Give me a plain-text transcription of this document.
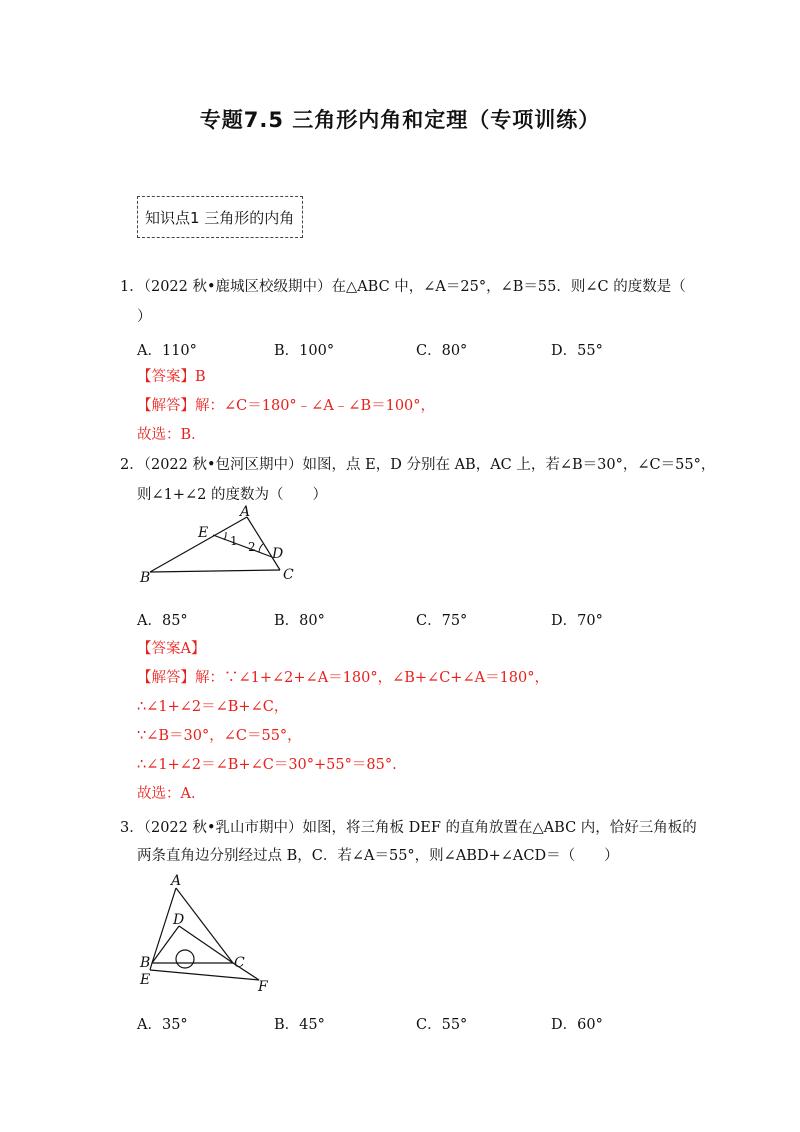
专题7.5 三角形内角和定理（专项训练）
知识点1 三角形的内角
1．（2022 秋•鹿城区校级期中）在△ABC 中，∠A＝25°，∠B＝55．则∠C 的度数是（
）
A．110°	B．100°	C．80°	D．55°
【答案】B
【解答】解：∠C＝180°﹣∠A﹣∠B＝100°，
故选：B．
2．（2022 秋•包河区期中）如图，点 E，D 分别在 AB，AC 上，若∠B＝30°，∠C＝55°，
则∠1+∠2 的度数为（　　）
A
B	C
D
E 1 2
A．85°	B．80°	C．75°	D．70°
【答案A】
【解答】解：∵∠1+∠2+∠A＝180°，∠B+∠C+∠A＝180°，
∴∠1+∠2＝∠B+∠C，
∵∠B＝30°，∠C＝55°，
∴∠1+∠2＝∠B+∠C＝30°+55°＝85°.
故选：A．
3．（2022 秋•乳山市期中）如图，将三角板 DEF 的直角放置在△ABC 内，恰好三角板的
两条直角边分别经过点 B，C．若∠A＝55°，则∠ABD+∠ACD＝（　　）
A
B	C
D
E	F
A．35°	B．45°	C．55°	D．60°
